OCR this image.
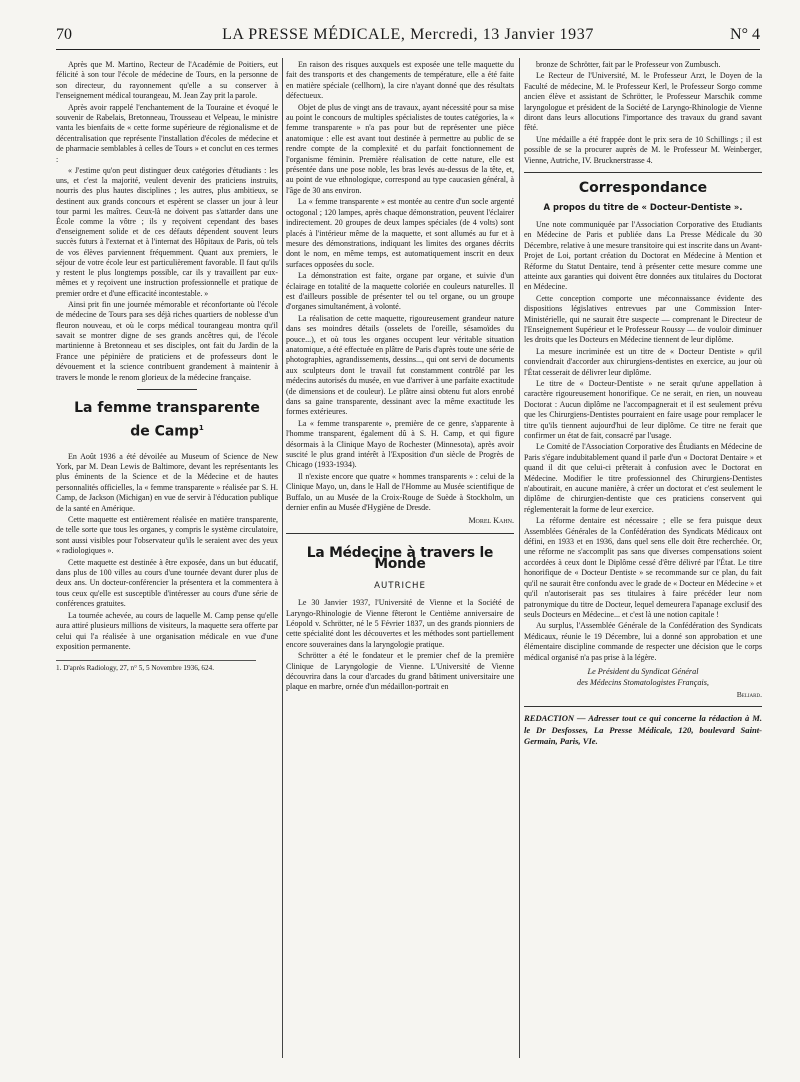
70	LA PRESSE MÉDICALE, Mercredi, 13 Janvier 1937	N° 4

Après que M. Martino, Recteur de l'Académie de Poitiers, eut félicité à son tour l'école de médecine de Tours, en la personne de son directeur, du rayonnement qu'elle a su conserver à l'enseignement médical tourangeau, M. Jean Zay prit la parole.

Après avoir rappelé l'enchantement de la Touraine et évoqué le souvenir de Rabelais, Bretonneau, Trousseau et Velpeau, le ministre vanta les bienfaits de « cette forme supérieure de régionalisme et de décentralisation que représente l'installation d'écoles de médecine et de pharmacie semblables à celles de Tours » et conclut en ces termes :

« J'estime qu'on peut distinguer deux catégories d'étudiants : les uns, et c'est la majorité, veulent devenir des praticiens instruits, nourris des plus hautes disciplines ; les autres, plus ambitieux, se destinent aux grands concours et espèrent se classer un jour à leur tour parmi les maîtres. Ceux-là ne doivent pas s'attarder dans une École comme la vôtre ; ils y reçoivent cependant des bases d'enseignement solide et de ces défauts dépendent souvent leurs succès futurs à l'externat et à l'internat des Hôpitaux de Paris, où tels de vos élèves parviennent fréquemment. Quant aux premiers, le séjour de votre école leur est particulièrement favorable. Il faut qu'ils y restent le plus longtemps possible, car ils y travaillent par eux-mêmes et y reçoivent une instruction professionnelle et pratique de premier ordre et d'une efficacité incontestable. »

Ainsi prit fin une journée mémorable et réconfortante où l'école de médecine de Tours para ses déjà riches quartiers de noblesse d'un fleuron nouveau, et où le corps médical tourangeau montra qu'il savait se montrer digne de ses grands ancêtres qui, de l'école martinienne à Bretonneau et ses disciples, ont fait du Jardin de la France une pépinière de praticiens et de professeurs dont le dévouement et la science contribuent grandement à maintenir à travers le monde le renom glorieux de la médecine française.

La femme transparente
de Camp$^1$

En Août 1936 a été dévoilée au Museum of Science de New York, par M. Dean Lewis de Baltimore, devant les représentants les plus éminents de la Science et de la Médecine et de hautes personnalités officielles, la « femme transparente » réalisée par S. H. Camp, de Jackson (Michigan) en vue de servir à l'éducation publique de la santé en Amérique.

Cette maquette est entièrement réalisée en matière transparente, de telle sorte que tous les organes, y compris le système circulatoire, sont aussi visibles pour l'observateur qu'ils le seraient avec des yeux « radiologiques ».

Cette maquette est destinée à être exposée, dans un but éducatif, dans plus de 100 villes au cours d'une tournée devant durer plus de deux ans. Un docteur-conférencier la présentera et la commentera à tous ceux qu'elle est susceptible d'intéresser au cours d'une série de conférences gratuites.

La tournée achevée, au cours de laquelle M. Camp pense qu'elle aura attiré plusieurs millions de visiteurs, la maquette sera offerte par celui qui l'a réalisée à une organisation médicale en vue d'une exposition permanente.

1. D'après Radiology, 27, n° 5, 5 Novembre 1936, 624.

En raison des risques auxquels est exposée une telle maquette du fait des transports et des changements de température, elle a été faite en matière spéciale (cellhorn), la cire n'ayant donné que des résultats défectueux.

Objet de plus de vingt ans de travaux, ayant nécessité pour sa mise au point le concours de multiples spécialistes de toutes catégories, la « femme transparente » n'a pas pour but de représenter une pièce anatomique : elle est avant tout destinée à permettre au public de se rendre compte de la complexité et du parfait fonctionnement de l'organisme féminin. Première réalisation de cette nature, elle est présentée dans une pose noble, les bras levés au-dessus de la tête, et, au point de vue ethnologique, correspond au type caucasien général, à l'âge de 30 ans environ.

La « femme transparente » est montée au centre d'un socle argenté octogonal ; 120 lampes, après chaque démonstration, peuvent l'éclairer indirectement. 20 groupes de deux lampes spéciales (de 4 volts) sont placés à l'intérieur même de la maquette, et sont allumés au fur et à mesure des démonstrations, indiquant les limites des organes décrits dont le nom, en même temps, est automatiquement inscrit en deux surfaces opposées du socle.

La démonstration est faite, organe par organe, et suivie d'un éclairage en totalité de la maquette coloriée en couleurs naturelles. Il est d'ailleurs possible de présenter tel ou tel organe, ou un groupe d'organes simultanément, à volonté.

La réalisation de cette maquette, rigoureusement grandeur nature dans ses moindres détails (osselets de l'oreille, sésamoïdes du pouce...), et où tous les organes occupent leur véritable situation anatomique, a été effectuée en plâtre de Paris d'après toute une série de photographies, agrandissements, dessins..., qui ont servi de documents aux sculpteurs dont le travail fut constamment contrôlé par les médecins autorisés du musée, en vue d'arriver à une parfaite exactitude (de dimensions et de couleur). Le plâtre ainsi obtenu fut alors enrobé dans sa gaine transparente, dessinant avec la même exactitude les formes extérieures.

La « femme transparente », première de ce genre, s'apparente à l'homme transparent, également dû à S. H. Camp, et qui figure désormais à la Clinique Mayo de Rochester (Minnesota), après avoir suscité le plus grand intérêt à l'Exposition d'un siècle de Progrès de Chicago (1933-1934).

Il n'existe encore que quatre « hommes transparents » : celui de la Clinique Mayo, un, dans le Hall de l'Homme au Musée scientifique de Buffalo, un au Musée de la Croix-Rouge de Suède à Stockholm, un dernier enfin au Musée d'Hygiène de Dresde.

Morel Kahn.
La Médecine à travers le Monde
AUTRICHE

Le 30 Janvier 1937, l'Université de Vienne et la Société de Laryngo-Rhinologie de Vienne fêteront le Centième anniversaire de Léopold v. Schrötter, né le 5 Février 1837, un des grands pionniers de cette spécialité dont les découvertes et les méthodes sont partiellement encore souveraines dans la laryngologie pratique.

Schrötter a été le fondateur et le premier chef de la première Clinique de Laryngologie de Vienne. L'Université de Vienne découvrira dans la cour d'arcades du grand bâtiment universitaire une plaque en marbre, ornée d'un médaillon-portrait en

bronze de Schrötter, fait par le Professeur von Zumbusch.

Le Recteur de l'Université, M. le Professeur Arzt, le Doyen de la Faculté de médecine, M. le Professeur Kerl, le Professeur Sorgo comme ancien élève et assistant de Schrötter, le Professeur Marschik comme laryngologue et président de la Société de Laryngo-Rhinologie de Vienne diront dans leurs allocutions l'importance des travaux du grand savant fêté.

Une médaille a été frappée dont le prix sera de 10 Schillings ; il est possible de se la procurer auprès de M. le Professeur M. Weinberger, Vienne, Autriche, IV. Brucknerstrasse 4.

Correspondance
A propos du titre de « Docteur-Dentiste ».

Une note communiquée par l'Association Corporative des Etudiants en Médecine de Paris et publiée dans La Presse Médicale du 30 Décembre, relative à une mesure transitoire qui est inscrite dans un Avant-Projet de Loi, portant création du Doctorat en Médecine à Mention et Réforme du Statut Dentaire, tend à présenter cette mesure comme une atteinte aux garanties qui doivent être données aux titulaires du Doctorat en Médecine.

Cette conception comporte une méconnaissance évidente des dispositions législatives entrevues par une Commission Inter-Ministérielle, qui ne saurait être suspecte — comprenant le Directeur de l'Enseignement Supérieur et le Professeur Roussy — de vouloir diminuer les droits que les Docteurs en Médecine tiennent de leur diplôme.

La mesure incriminée est un titre de « Docteur Dentiste » qu'il conviendrait d'accorder aux chirurgiens-dentistes en exercice, au jour où l'État cesserait de délivrer leur diplôme.

Le titre de « Docteur-Dentiste » ne serait qu'une appellation à caractère rigoureusement honorifique. Ce ne serait, en rien, un nouveau Doctorat : Aucun diplôme ne l'accompagnerait et il est seulement prévu que les Chirurgiens-Dentistes pourraient en faire usage pour remplacer le titre qu'ils tiennent aujourd'hui de leur diplôme. Ce titre ne ferait que confirmer un état de fait, consacré par l'usage.

Le Comité de l'Association Corporative des Étudiants en Médecine de Paris s'égare indubitablement quand il parle d'un « Doctorat Dentaire » et quand il dit que celui-ci prêterait à confusion avec le Doctorat en Médecine. Modifier le titre professionnel des Chirurgiens-Dentistes n'aboutirait, en aucune manière, à créer un doctorat et c'est seulement le diplôme de chirurgien-dentiste que ces praticiens conservent qui réglementerait la forme de leur exercice.

La réforme dentaire est nécessaire ; elle se fera puisque deux Assemblées Générales de la Confédération des Syndicats Médicaux ont défini, en 1933 et en 1936, dans quel sens elle doit être recherchée. Or, une réforme ne s'accomplit pas sans que diverses compensations soient accordées à ceux dont le Diplôme cessé d'être délivré par l'État. Le titre honorifique de « Docteur Dentiste » se recommande sur ce plan, du fait qu'il ne saurait être confondu avec le grade de « Docteur en Médecine » et qu'il n'autoriserait pas ses titulaires à faire précéder leur nom patronymique du titre de Docteur, lequel demeurera l'apanage exclusif des seuls Docteurs en Médecine... et c'est là une notion capitale !

Au surplus, l'Assemblée Générale de la Confédération des Syndicats Médicaux, réunie le 19 Décembre, lui a donné son approbation et une élémentaire discipline commande de respecter une décision que le corps médical organisé n'a pas prise à la légère.

Le Président du Syndicat Général
des Médecins Stomatologistes Français,
Beliard.
REDACTION — Adresser tout ce qui concerne la rédaction à M. le Dr Desfosses, La Presse Médicale, 120, boulevard Saint-Germain, Paris, VIe.
